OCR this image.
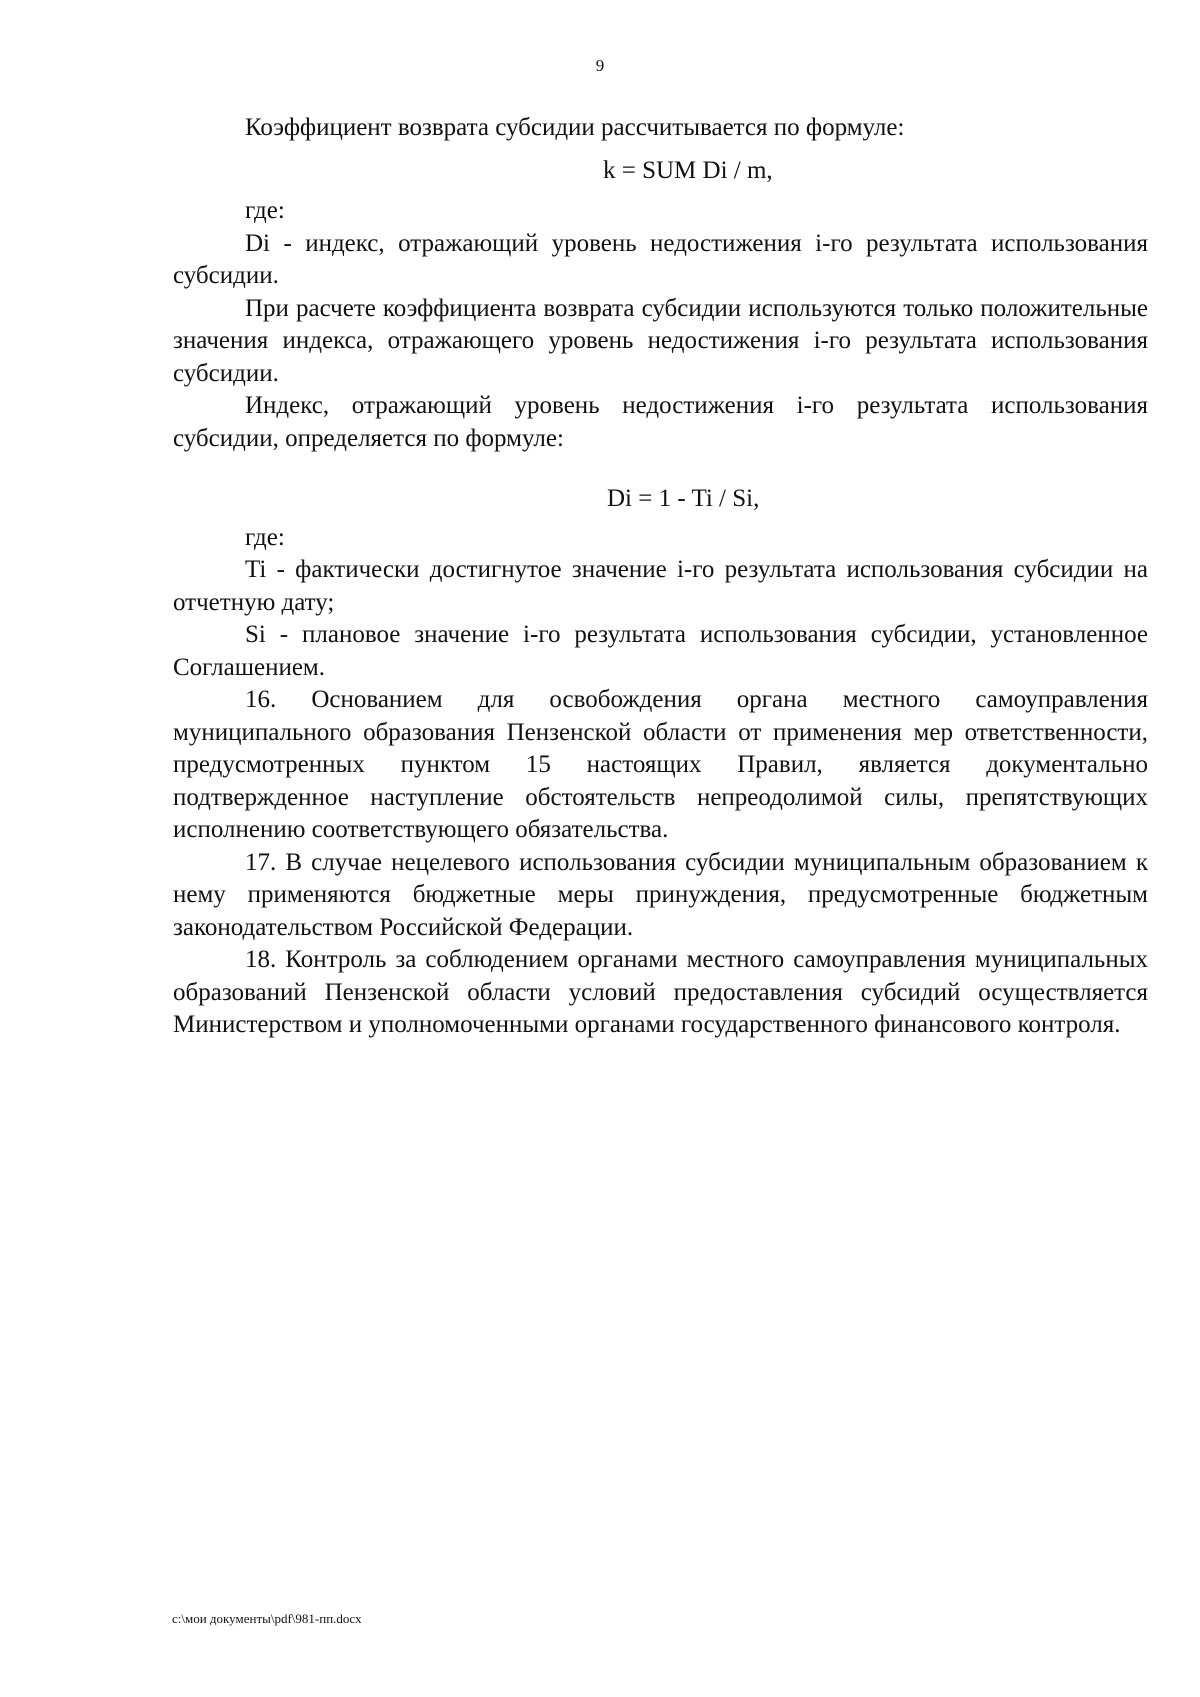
9

Коэффициент возврата субсидии рассчитывается по формуле:

k = SUM Di / m,

где:

Di - индекс, отражающий уровень недостижения i-го результата использования субсидии.

При расчете коэффициента возврата субсидии используются только положительные значения индекса, отражающего уровень недостижения i-го результата использования субсидии.

Индекс, отражающий уровень недостижения i-го результата использования субсидии, определяется по формуле:

Di = 1 - Ti / Si,

где:

Ti - фактически достигнутое значение i-го результата использования субсидии на отчетную дату;

Si - плановое значение i-го результата использования субсидии, установленное Соглашением.

16. Основанием для освобождения органа местного самоуправления муниципального образования Пензенской области от применения мер ответственности, предусмотренных пунктом 15 настоящих Правил, является документально подтвержденное наступление обстоятельств непреодолимой силы, препятствующих исполнению соответствующего обязательства.

17. В случае нецелевого использования субсидии муниципальным образованием к нему применяются бюджетные меры принуждения, предусмотренные бюджетным законодательством Российской Федерации.

18. Контроль за соблюдением органами местного самоуправления муниципальных образований Пензенской области условий предоставления субсидий осуществляется Министерством и уполномоченными органами государственного финансового контроля.

c:\мои документы\pdf\981-пп.docx
